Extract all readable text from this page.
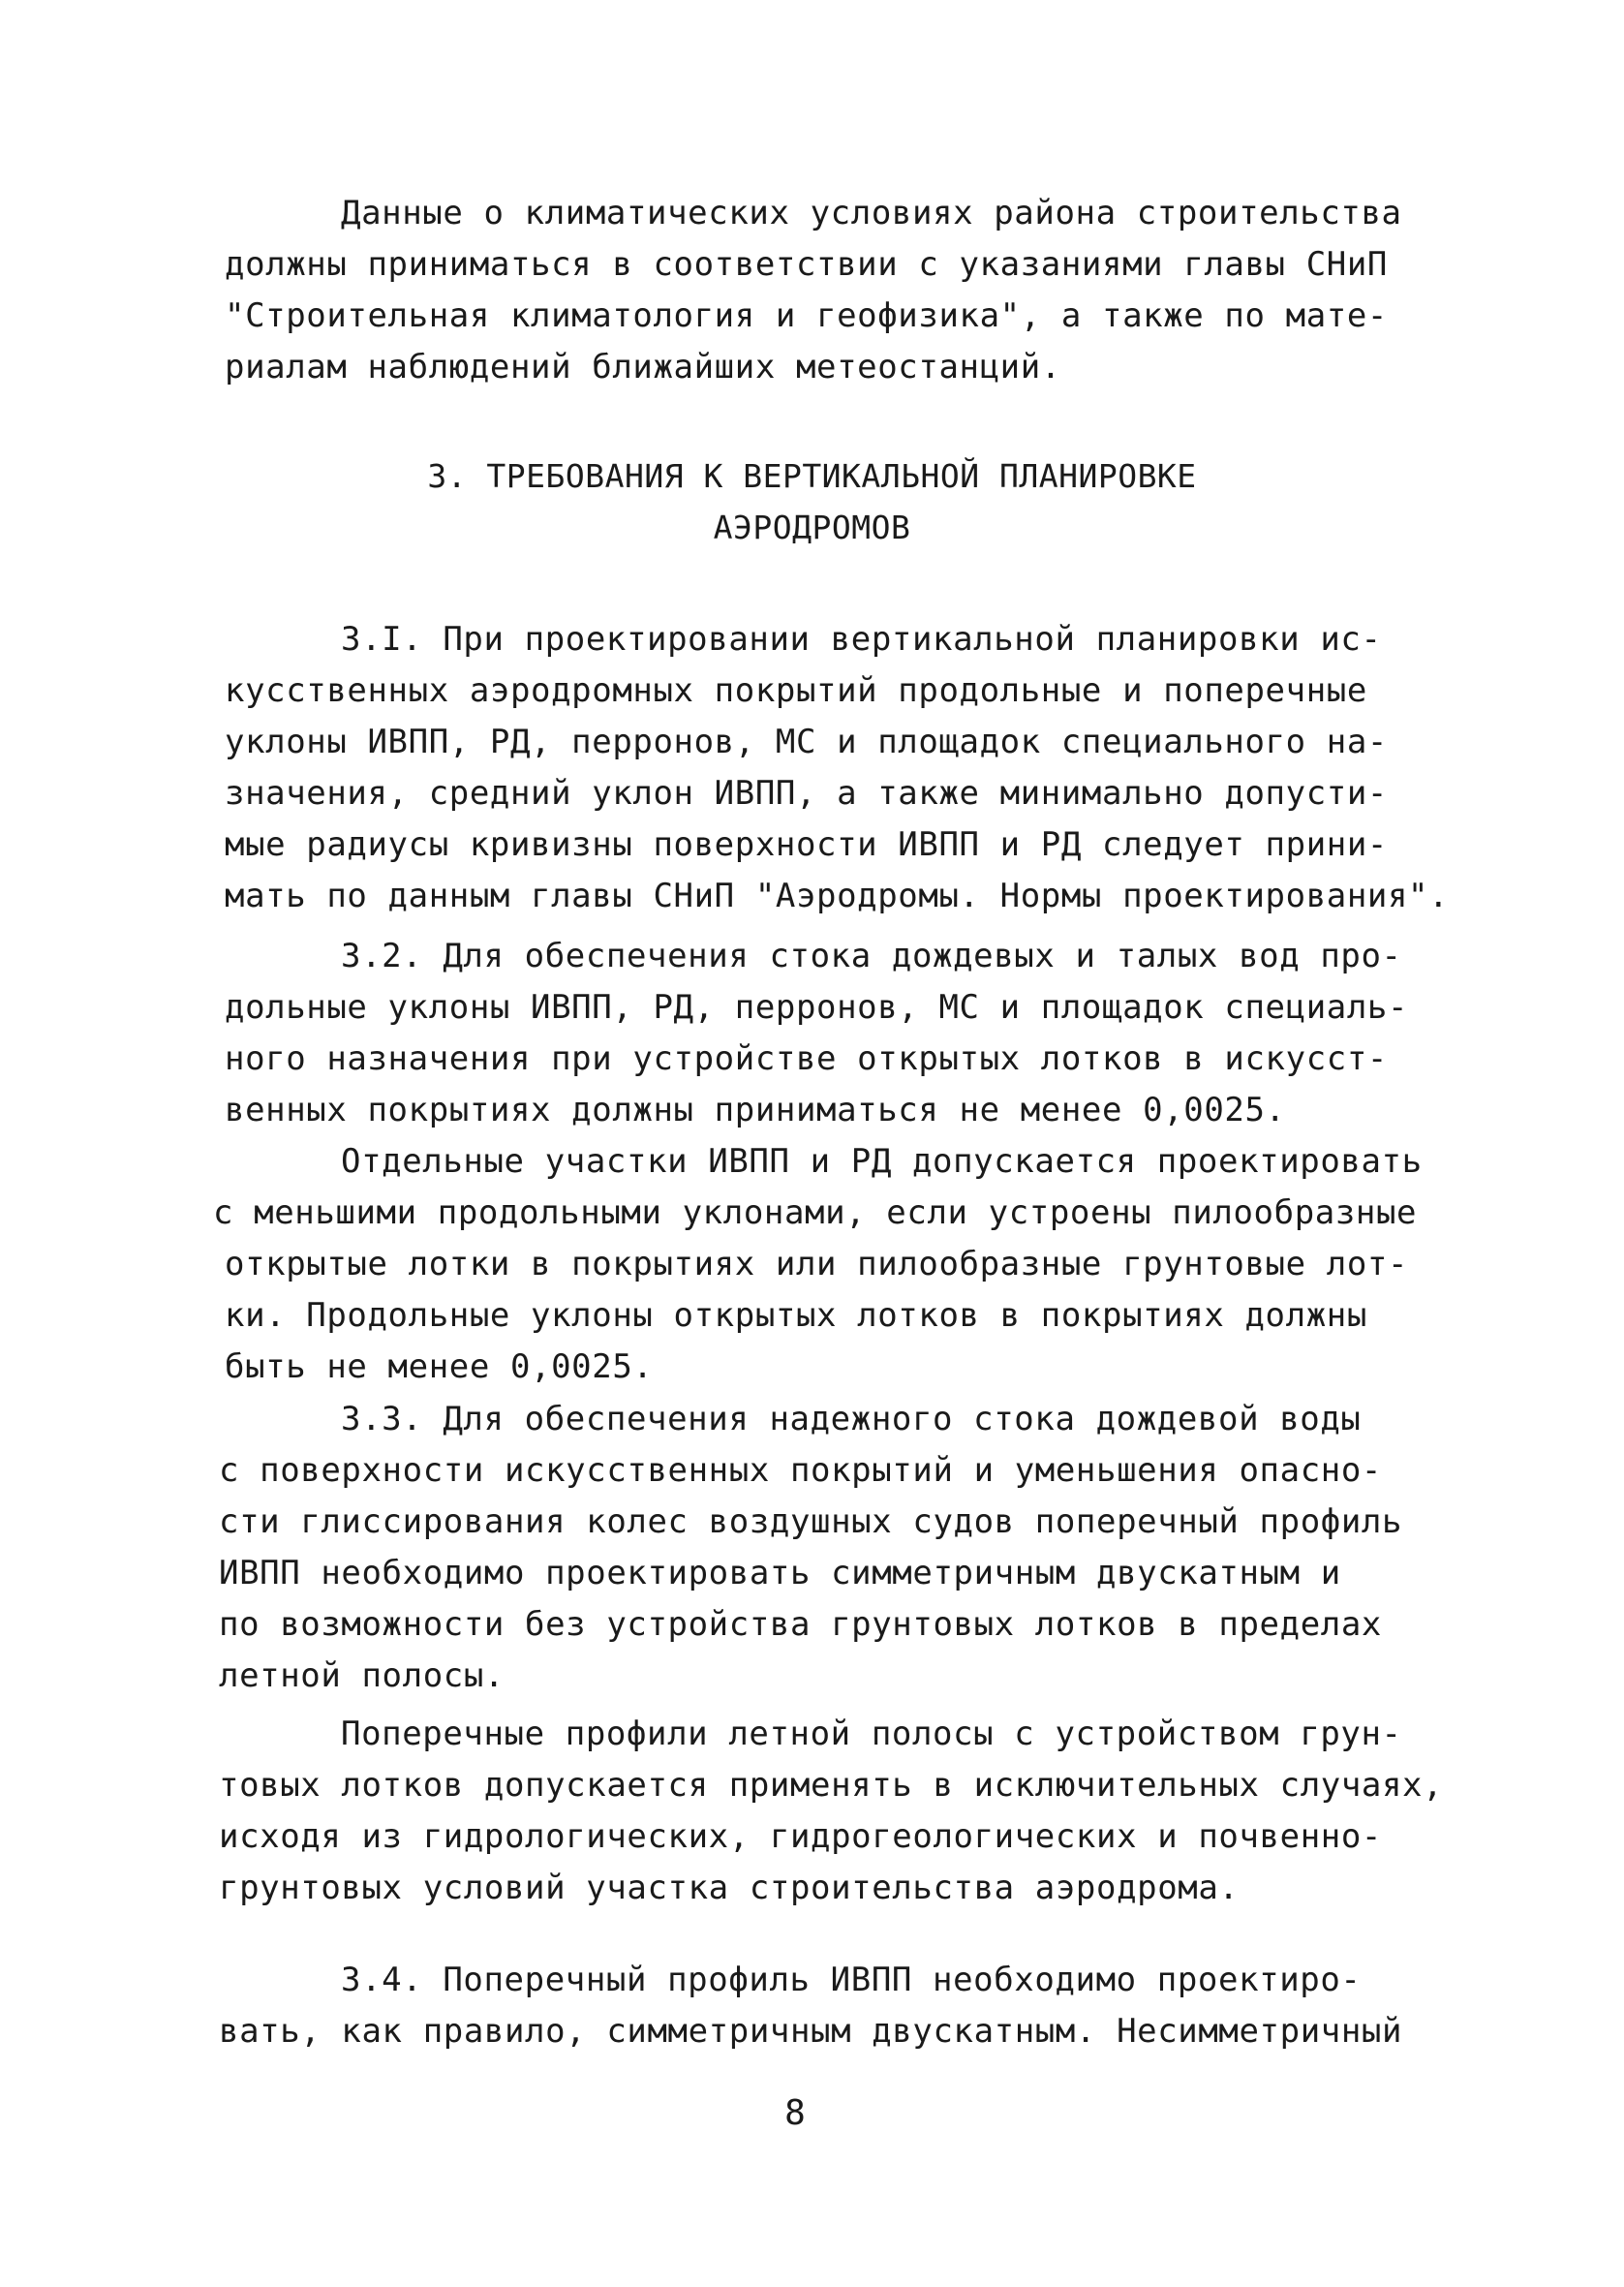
Данные о климатических условиях района строительства
должны приниматься в соответствии с указаниями главы СНиП
"Строительная климатология и геофизика", а также по мате-
риалам наблюдений ближайших метеостанций.
3. ТРЕБОВАНИЯ К ВЕРТИКАЛЬНОЙ ПЛАНИРОВКЕ
АЭРОДРОМОВ
3.I. При проектировании вертикальной планировки ис-
кусственных аэродромных покрытий продольные и поперечные
уклоны ИВПП, РД, перронов, МС и площадок специального на-
значения, средний уклон ИВПП, а также минимально допусти-
мые радиусы кривизны поверхности ИВПП и РД следует прини-
мать по данным главы СНиП "Аэродромы. Нормы проектирования".
3.2. Для обеспечения стока дождевых и талых вод про-
дольные уклоны ИВПП, РД, перронов, МС и площадок специаль-
ного назначения при устройстве открытых лотков в искусст-
венных покрытиях должны приниматься не менее 0,0025.
Отдельные участки ИВПП и РД допускается проектировать
с меньшими продольными уклонами, если устроены пилообразные
открытые лотки в покрытиях или пилообразные грунтовые лот-
ки. Продольные уклоны открытых лотков в покрытиях должны
быть не менее 0,0025.
3.3. Для обеспечения надежного стока дождевой воды
с поверхности искусственных покрытий и уменьшения опасно-
сти глиссирования колес воздушных судов поперечный профиль
ИВПП необходимо проектировать симметричным двускатным и
по возможности без устройства грунтовых лотков в пределах
летной полосы.
Поперечные профили летной полосы с устройством грун-
товых лотков допускается применять в исключительных случаях,
исходя из гидрологических, гидрогеологических и почвенно-
грунтовых условий участка строительства аэродрома.
3.4. Поперечный профиль ИВПП необходимо проектиро-
вать, как правило, симметричным двускатным. Несимметричный
8
